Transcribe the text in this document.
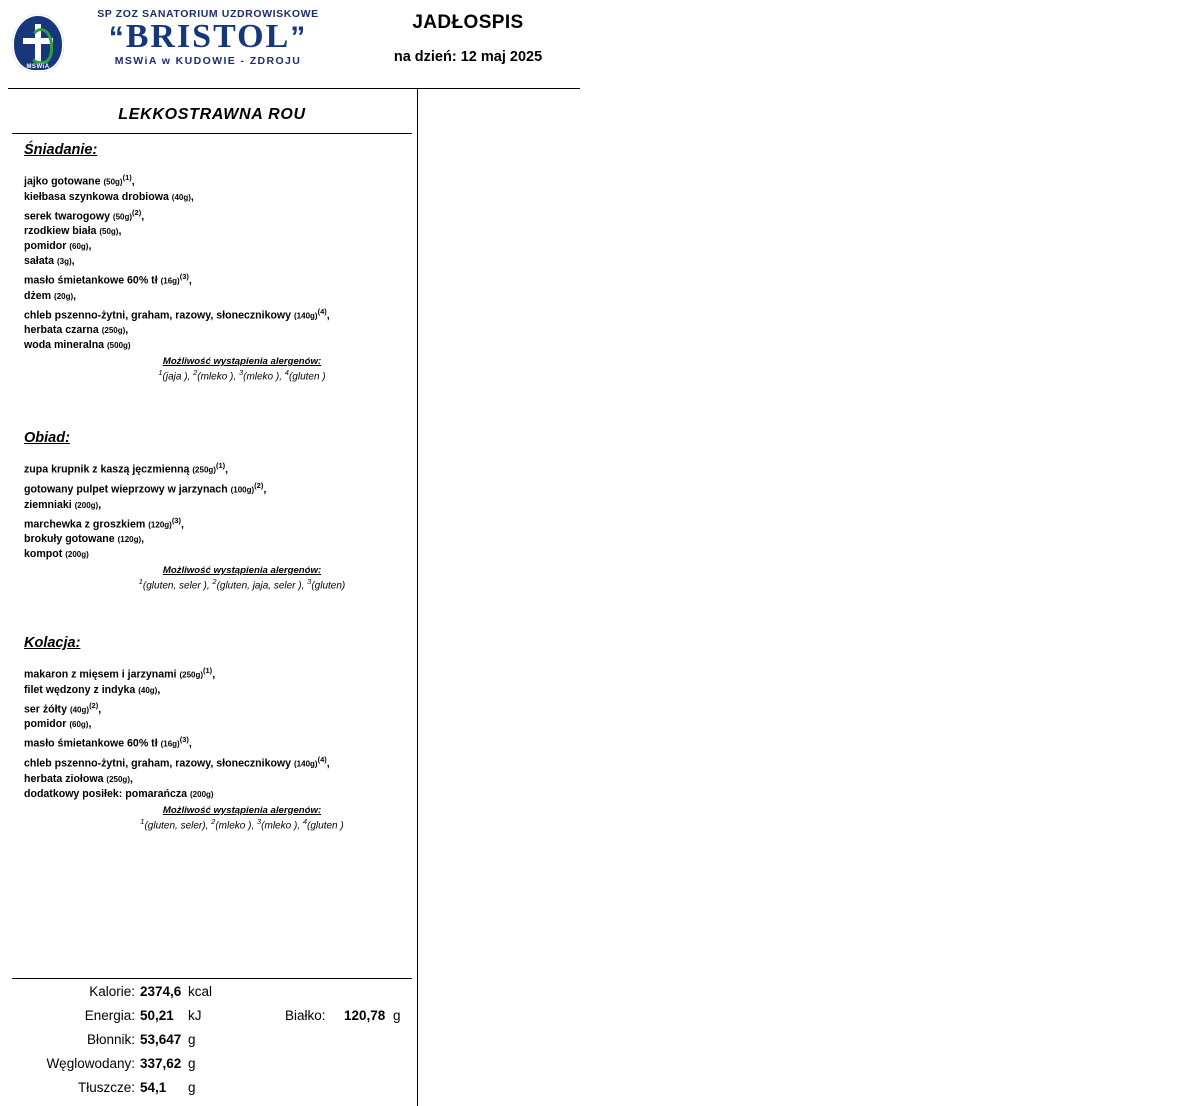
MSWiA
SP ZOZ SANATORIUM UZDROWISKOWE
“BRISTOL”
MSWiA w KUDOWIE - ZDROJU
JADŁOSPIS
na dzień: 12 maj 2025
LEKKOSTRAWNA ROU
Śniadanie:
jajko gotowane $(50g)^{(1)}$,
kiełbasa szynkowa drobiowa (40g),
serek twarogowy $(50g)^{(2)}$,
rzodkiew biała (50g),
pomidor (60g),
sałata (3g),
masło śmietankowe 60% tł $(16g)^{(3)}$,
dżem (20g),
chleb pszenno-żytni, graham, razowy, słonecznikowy $(140g)^{(4)}$,
herbata czarna (250g),
woda mineralna (500g)
Możliwość wystąpienia alergenów:
$^1$(jaja ), $^2$(mleko ), $^3$(mleko ), $^4$(gluten )
Obiad:
zupa krupnik z kaszą jęczmienną $(250g)^{(1)}$,
gotowany pulpet wieprzowy w jarzynach $(100g)^{(2)}$,
ziemniaki (200g),
marchewka z groszkiem $(120g)^{(3)}$,
brokuły gotowane (120g),
kompot (200g)
Możliwość wystąpienia alergenów:
$^1$(gluten, seler ), $^2$(gluten, jaja, seler ), $^3$(gluten)
Kolacja:
makaron z mięsem i jarzynami $(250g)^{(1)}$,
filet wędzony z indyka (40g),
ser żółty $(40g)^{(2)}$,
pomidor (60g),
masło śmietankowe 60% tł $(16g)^{(3)}$,
chleb pszenno-żytni, graham, razowy, słonecznikowy $(140g)^{(4)}$,
herbata ziołowa (250g),
dodatkowy posiłek: pomarańcza (200g)
Możliwość wystąpienia alergenów:
$^1$(gluten, seler), $^2$(mleko ), $^3$(mleko ), $^4$(gluten )
Kalorie: 2374,6 kcal
Energia: 50,21 kJ	Białko: 120,78 g
Błonnik: 53,647 g
Węglowodany: 337,62 g
Tłuszcze: 54,1 g
